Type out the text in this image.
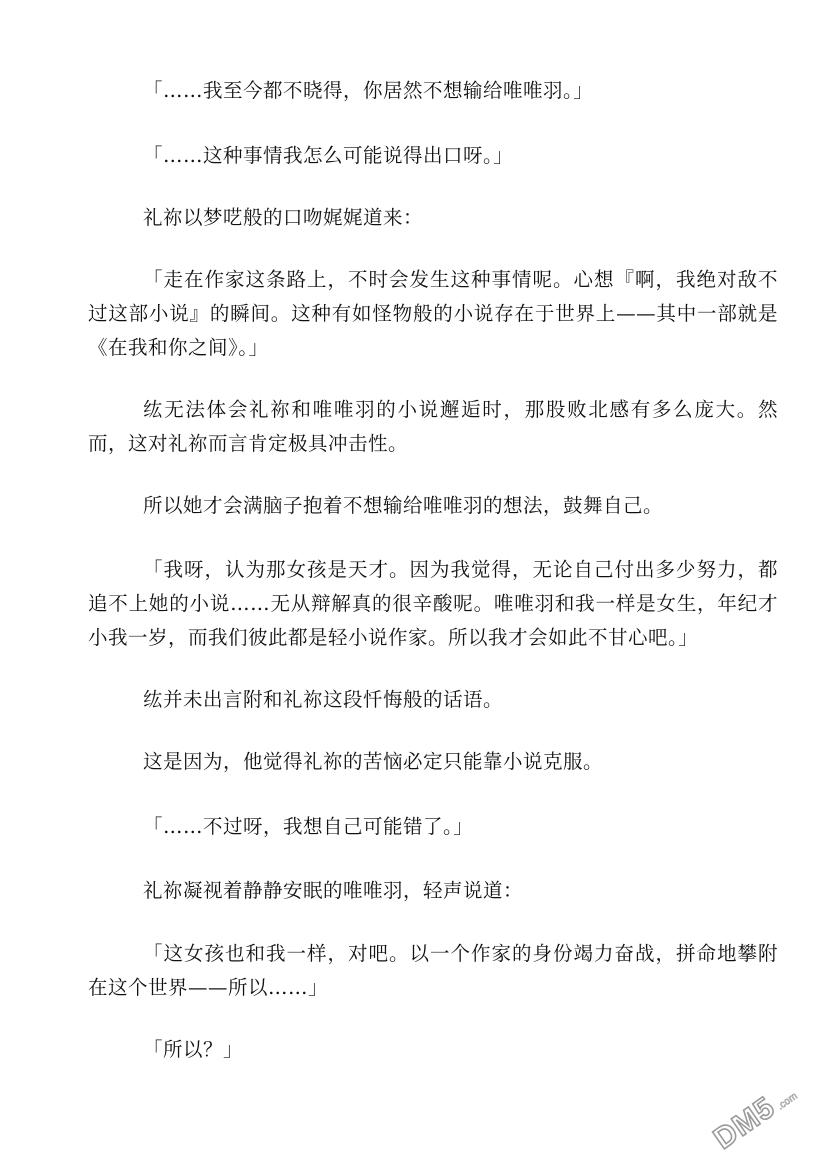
「……我至今都不晓得，你居然不想输给唯唯羽。」

「……这种事情我怎么可能说得出口呀。」

礼祢以梦呓般的口吻娓娓道来：

「走在作家这条路上，不时会发生这种事情呢。心想『啊，我绝对敌不过这部小说』的瞬间。这种有如怪物般的小说存在于世界上——其中一部就是《在我和你之间》。」

纮无法体会礼祢和唯唯羽的小说邂逅时，那股败北感有多么庞大。然而，这对礼祢而言肯定极具冲击性。

所以她才会满脑子抱着不想输给唯唯羽的想法，鼓舞自己。

「我呀，认为那女孩是天才。因为我觉得，无论自己付出多少努力，都追不上她的小说……无从辩解真的很辛酸呢。唯唯羽和我一样是女生，年纪才小我一岁，而我们彼此都是轻小说作家。所以我才会如此不甘心吧。」

纮并未出言附和礼祢这段忏悔般的话语。

这是因为，他觉得礼祢的苦恼必定只能靠小说克服。

「……不过呀，我想自己可能错了。」

礼祢凝视着静静安眠的唯唯羽，轻声说道：

「这女孩也和我一样，对吧。以一个作家的身份竭力奋战，拼命地攀附在这个世界——所以……」

「所以？」

DM5
.com
